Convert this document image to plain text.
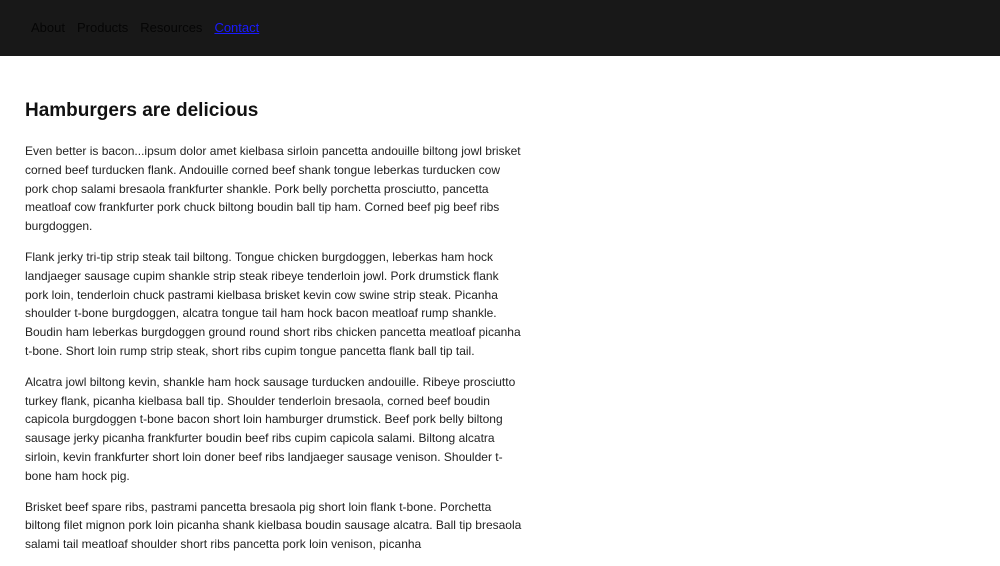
About Products Resources Contact
Hamburgers are delicious

Even better is bacon...ipsum dolor amet kielbasa sirloin pancetta andouille biltong jowl brisket corned beef turducken flank. Andouille corned beef shank tongue leberkas turducken cow pork chop salami bresaola frankfurter shankle. Pork belly porchetta prosciutto, pancetta meatloaf cow frankfurter pork chuck biltong boudin ball tip ham. Corned beef pig beef ribs burgdoggen.

Flank jerky tri-tip strip steak tail biltong. Tongue chicken burgdoggen, leberkas ham hock landjaeger sausage cupim shankle strip steak ribeye tenderloin jowl. Pork drumstick flank pork loin, tenderloin chuck pastrami kielbasa brisket kevin cow swine strip steak. Picanha shoulder t-bone burgdoggen, alcatra tongue tail ham hock bacon meatloaf rump shankle. Boudin ham leberkas burgdoggen ground round short ribs chicken pancetta meatloaf picanha t-bone. Short loin rump strip steak, short ribs cupim tongue pancetta flank ball tip tail.

Alcatra jowl biltong kevin, shankle ham hock sausage turducken andouille. Ribeye prosciutto turkey flank, picanha kielbasa ball tip. Shoulder tenderloin bresaola, corned beef boudin capicola burgdoggen t-bone bacon short loin hamburger drumstick. Beef pork belly biltong sausage jerky picanha frankfurter boudin beef ribs cupim capicola salami. Biltong alcatra sirloin, kevin frankfurter short loin doner beef ribs landjaeger sausage venison. Shoulder t-bone ham hock pig.

Brisket beef spare ribs, pastrami pancetta bresaola pig short loin flank t-bone. Porchetta biltong filet mignon pork loin picanha shank kielbasa boudin sausage alcatra. Ball tip bresaola salami tail meatloaf shoulder short ribs pancetta pork loin venison, picanha
